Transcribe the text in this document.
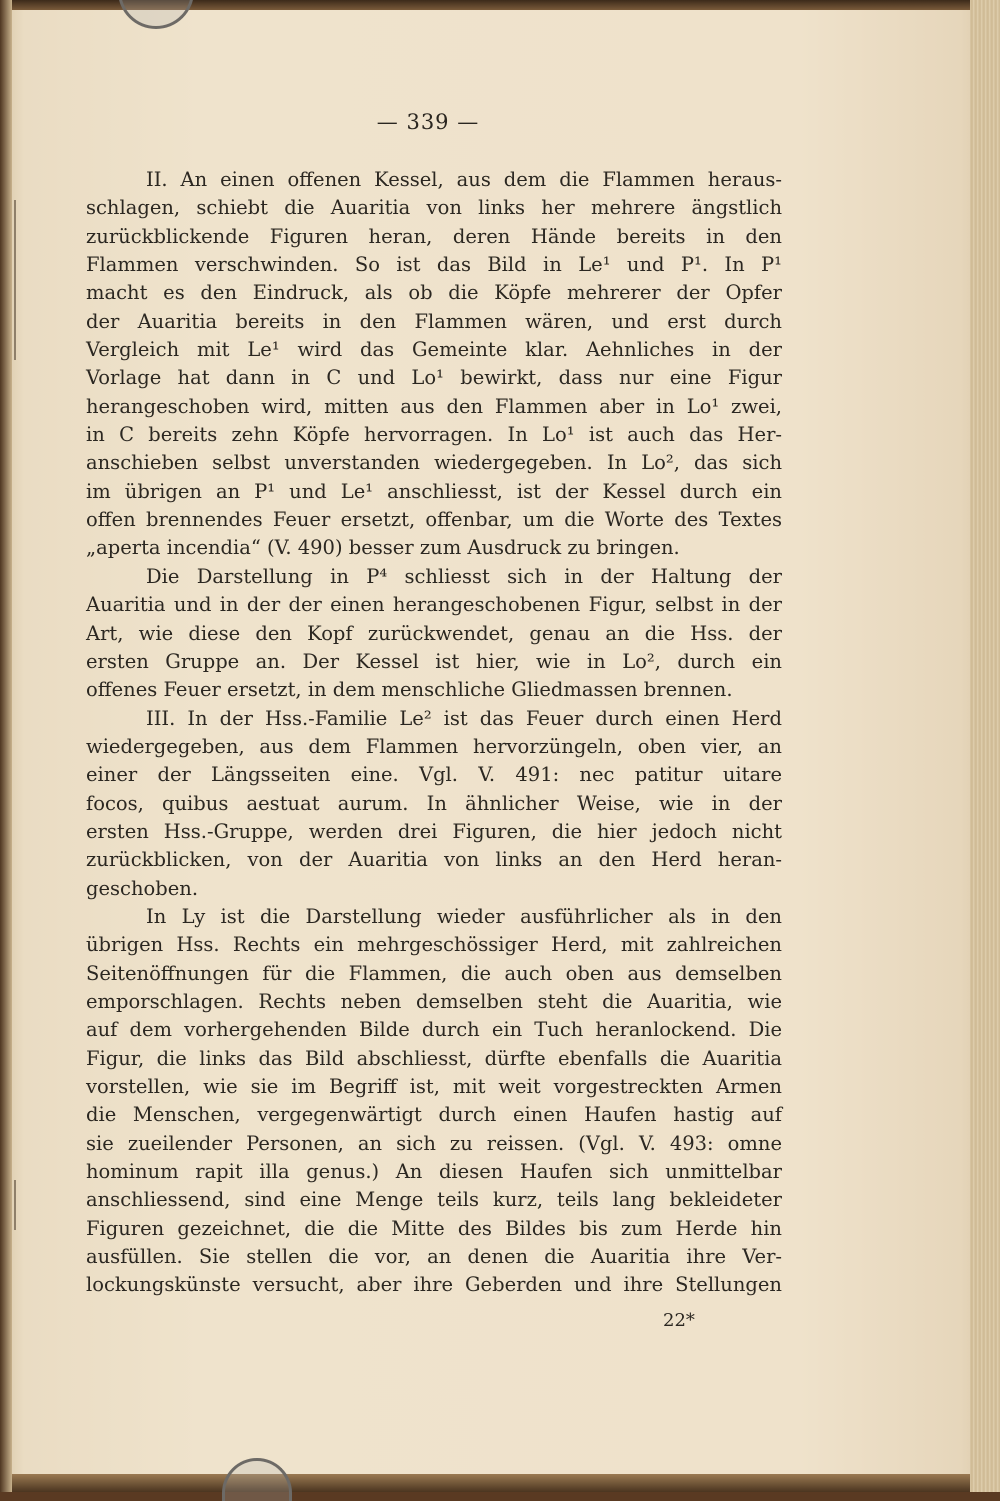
— 339 —
II. An einen offenen Kessel, aus dem die Flammen heraus-
schlagen, schiebt die Auaritia von links her mehrere ängstlich
zurückblickende Figuren heran, deren Hände bereits in den
Flammen verschwinden. So ist das Bild in Le¹ und P¹. In P¹
macht es den Eindruck, als ob die Köpfe mehrerer der Opfer
der Auaritia bereits in den Flammen wären, und erst durch
Vergleich mit Le¹ wird das Gemeinte klar. Aehnliches in der
Vorlage hat dann in C und Lo¹ bewirkt, dass nur eine Figur
herangeschoben wird, mitten aus den Flammen aber in Lo¹ zwei,
in C bereits zehn Köpfe hervorragen. In Lo¹ ist auch das Her-
anschieben selbst unverstanden wiedergegeben. In Lo², das sich
im übrigen an P¹ und Le¹ anschliesst, ist der Kessel durch ein
offen brennendes Feuer ersetzt, offenbar, um die Worte des Textes
„aperta incendia“ (V. 490) besser zum Ausdruck zu bringen.
Die Darstellung in P⁴ schliesst sich in der Haltung der
Auaritia und in der der einen herangeschobenen Figur, selbst in der
Art, wie diese den Kopf zurückwendet, genau an die Hss. der
ersten Gruppe an. Der Kessel ist hier, wie in Lo², durch ein
offenes Feuer ersetzt, in dem menschliche Gliedmassen brennen.
III. In der Hss.-Familie Le² ist das Feuer durch einen Herd
wiedergegeben, aus dem Flammen hervorzüngeln, oben vier, an
einer der Längsseiten eine. Vgl. V. 491: nec patitur uitare
focos, quibus aestuat aurum. In ähnlicher Weise, wie in der
ersten Hss.-Gruppe, werden drei Figuren, die hier jedoch nicht
zurückblicken, von der Auaritia von links an den Herd heran-
geschoben.
In Ly ist die Darstellung wieder ausführlicher als in den
übrigen Hss. Rechts ein mehrgeschössiger Herd, mit zahlreichen
Seitenöffnungen für die Flammen, die auch oben aus demselben
emporschlagen. Rechts neben demselben steht die Auaritia, wie
auf dem vorhergehenden Bilde durch ein Tuch heranlockend. Die
Figur, die links das Bild abschliesst, dürfte ebenfalls die Auaritia
vorstellen, wie sie im Begriff ist, mit weit vorgestreckten Armen
die Menschen, vergegenwärtigt durch einen Haufen hastig auf
sie zueilender Personen, an sich zu reissen. (Vgl. V. 493: omne
hominum rapit illa genus.) An diesen Haufen sich unmittelbar
anschliessend, sind eine Menge teils kurz, teils lang bekleideter
Figuren gezeichnet, die die Mitte des Bildes bis zum Herde hin
ausfüllen. Sie stellen die vor, an denen die Auaritia ihre Ver-
lockungskünste versucht, aber ihre Geberden und ihre Stellungen
22*
